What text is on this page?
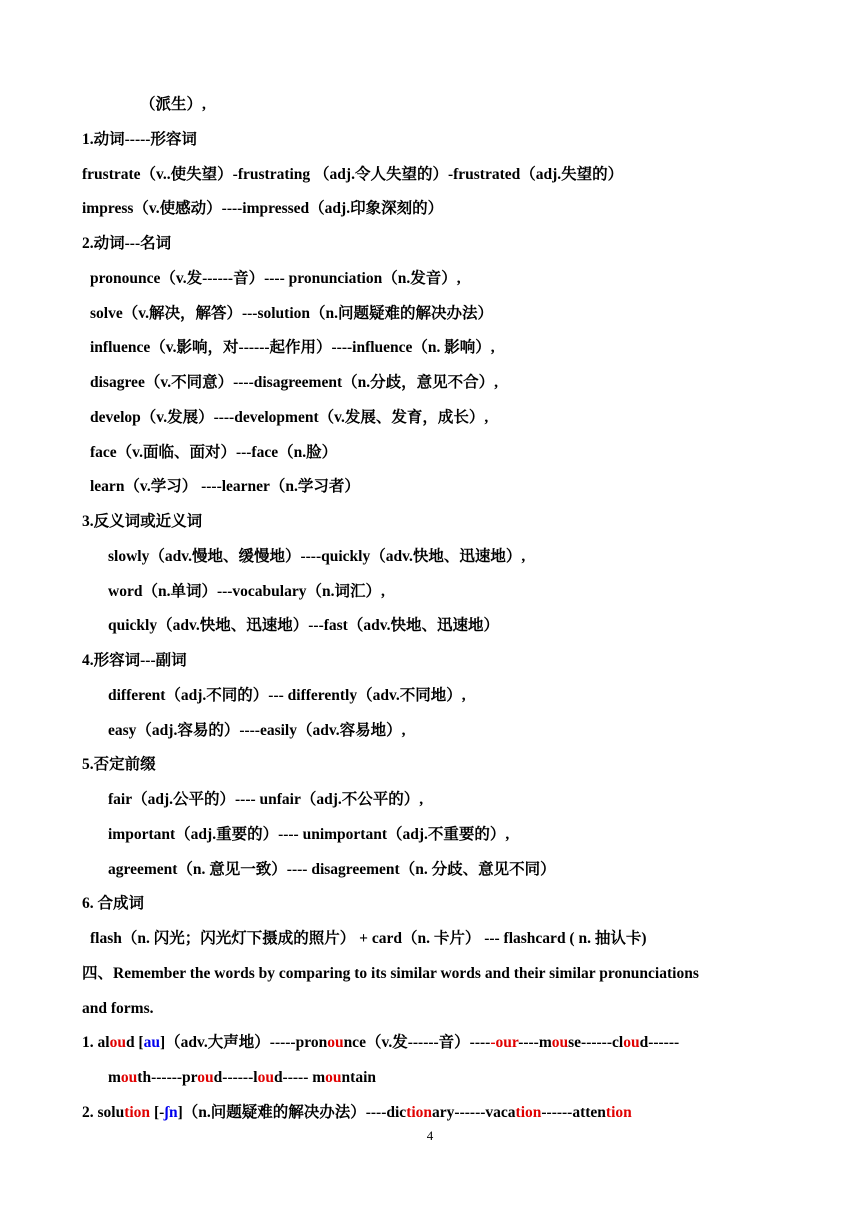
（派生）,
1.动词-----形容词
frustrate（v..使失望）-frustrating （adj.令人失望的）-frustrated（adj.失望的）
impress（v.使感动）----impressed（adj.印象深刻的）
2.动词---名词
pronounce（v.发------音）---- pronunciation（n.发音）,
solve（v.解决，解答）---solution（n.问题疑难的解决办法）
influence（v.影响，对------起作用）----influence（n. 影响）,
disagree（v.不同意）----disagreement（n.分歧，意见不合）,
develop（v.发展）----development（v.发展、发育，成长）,
face（v.面临、面对）---face（n.脸）
learn（v.学习） ----learner（n.学习者）
3.反义词或近义词
slowly（adv.慢地、缓慢地）----quickly（adv.快地、迅速地）,
word（n.单词）---vocabulary（n.词汇）,
quickly（adv.快地、迅速地）---fast（adv.快地、迅速地）
4.形容词---副词
different（adj.不同的）--- differently（adv.不同地）,
easy（adj.容易的）----easily（adv.容易地）,
5.否定前缀
fair（adj.公平的）---- unfair（adj.不公平的）,
important（adj.重要的）---- unimportant（adj.不重要的）,
agreement（n. 意见一致）---- disagreement（n. 分歧、意见不同）
6. 合成词
flash（n. 闪光；闪光灯下摄成的照片） + card（n. 卡片） --- flashcard ( n. 抽认卡)
四、Remember the words by comparing to its similar words and their similar pronunciations
and forms.
1. aloud [au]（adv.大声地）-----pronounce（v.发------音）-----our----mouse------cloud------
mouth------proud------loud----- mountain
2. solution [-ʃn]（n.问题疑难的解决办法）----dictionary------vacation------attention
4
